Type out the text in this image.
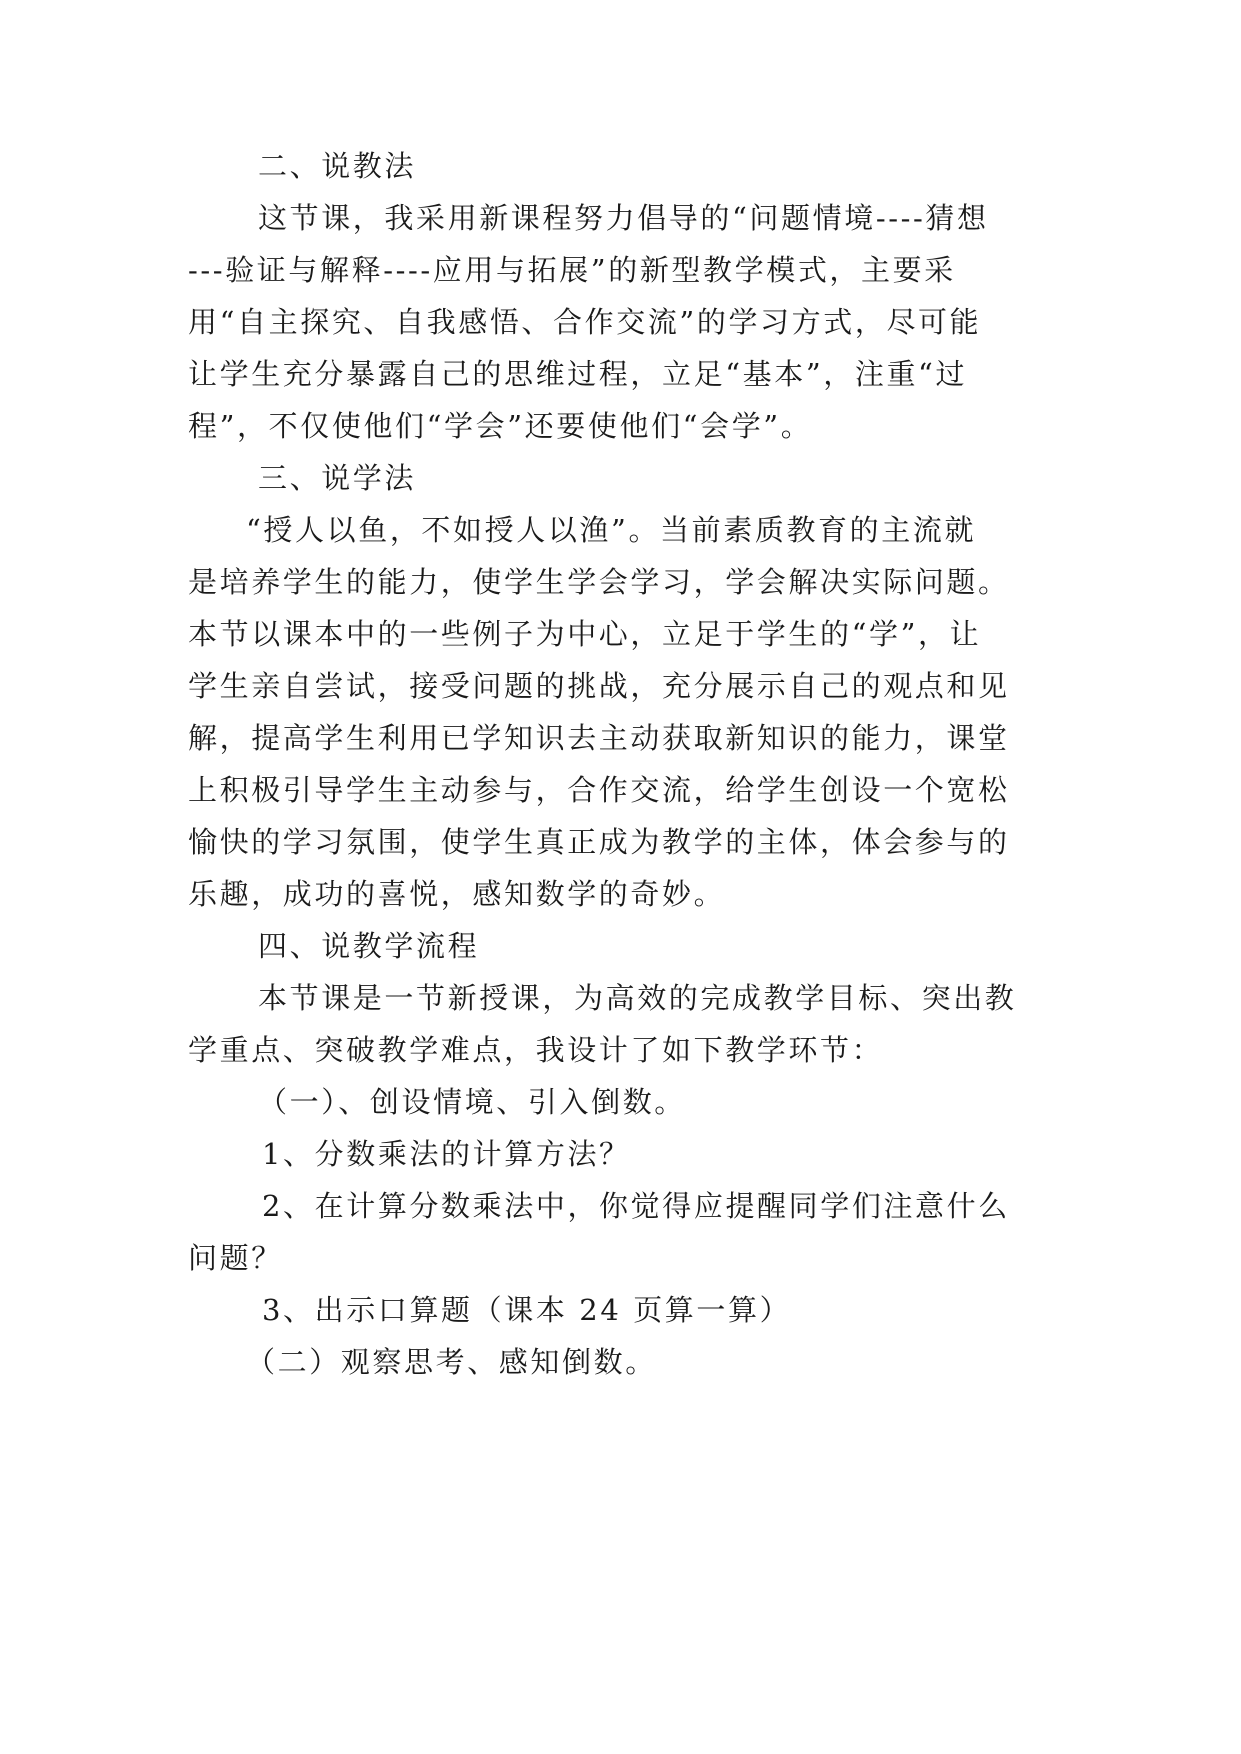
二、说教法
这节课，我采用新课程努力倡导的“问题情境----猜想
---验证与解释----应用与拓展”的新型教学模式，主要采
用“自主探究、自我感悟、合作交流”的学习方式，尽可能
让学生充分暴露自己的思维过程，立足“基本”，注重“过
程”，不仅使他们“学会”还要使他们“会学”。
三、说学法
“授人以鱼，不如授人以渔”。当前素质教育的主流就
是培养学生的能力，使学生学会学习，学会解决实际问题。
本节以课本中的一些例子为中心，立足于学生的“学”，让
学生亲自尝试，接受问题的挑战，充分展示自己的观点和见
解，提高学生利用已学知识去主动获取新知识的能力，课堂
上积极引导学生主动参与，合作交流，给学生创设一个宽松
愉快的学习氛围，使学生真正成为教学的主体，体会参与的
乐趣，成功的喜悦，感知数学的奇妙。
四、说教学流程
本节课是一节新授课，为高效的完成教学目标、突出教
学重点、突破教学难点，我设计了如下教学环节：
（一）、创设情境、引入倒数。
1、分数乘法的计算方法？
2、在计算分数乘法中，你觉得应提醒同学们注意什么
问题？
3、出示口算题（课本 24 页算一算）
（二）观察思考、感知倒数。
